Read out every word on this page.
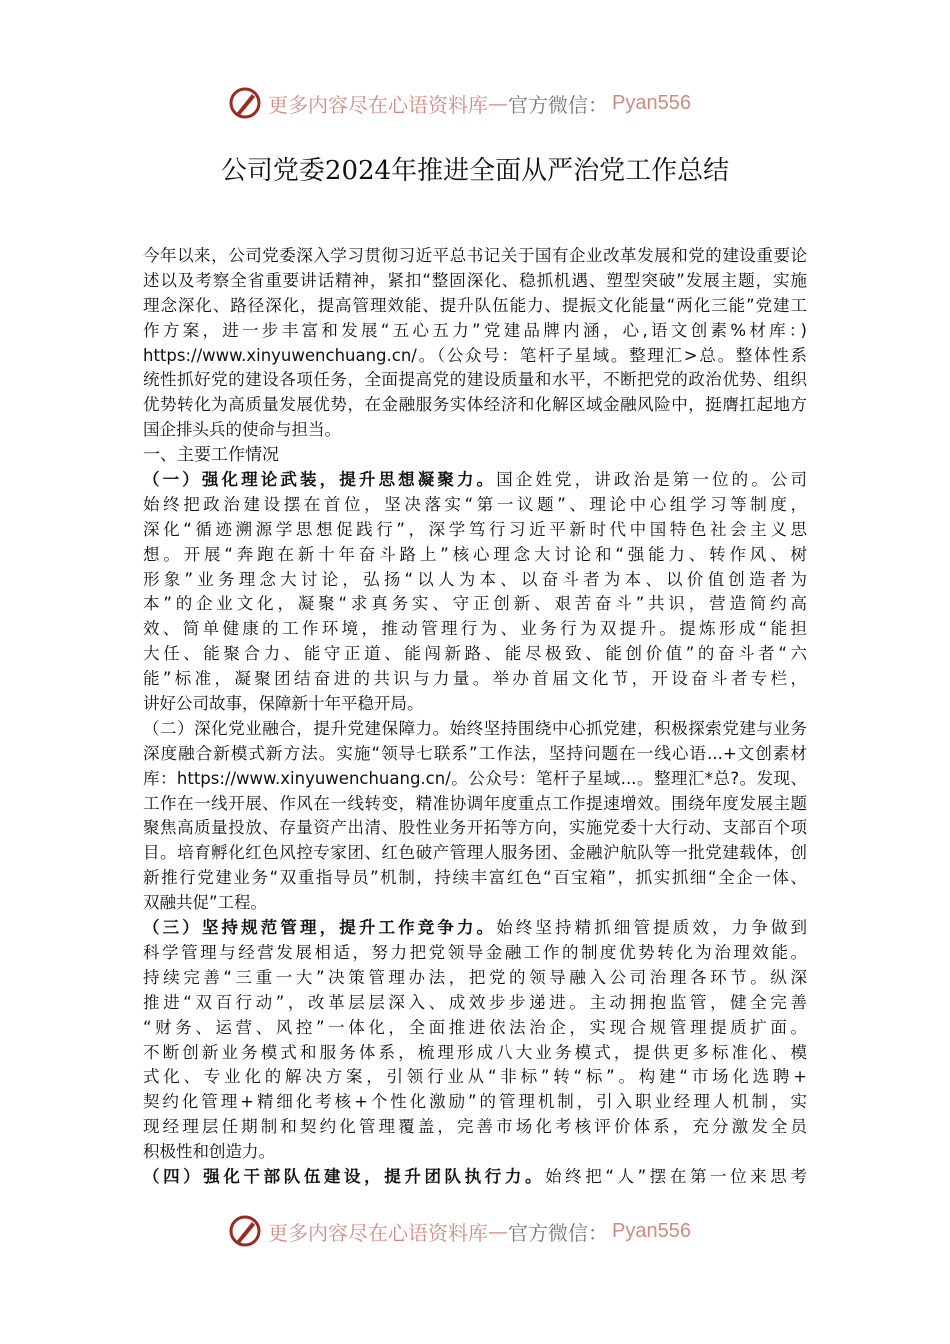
更多内容尽在心语资料库 — 官方微信： Pyan556
公司党委2024年推进全面从严治党工作总结
今年以来，公司党委深入学习贯彻习近平总书记关于国有企业改革发展和党的建设重要论
述以及考察全省重要讲话精神，紧扣“整固深化、稳抓机遇、塑型突破”发展主题，实施
理念深化、路径深化，提高管理效能、提升队伍能力、提振文化能量“两化三能”党建工
作方案，进一步丰富和发展“五心五力”党建品牌内涵，心,语文创素%材库：)
https://www.xinyuwenchuang.cn/。（公众号：笔杆子星域。整理汇>总。整体性系
统性抓好党的建设各项任务，全面提高党的建设质量和水平，不断把党的政治优势、组织
优势转化为高质量发展优势，在金融服务实体经济和化解区域金融风险中，挺膺扛起地方
国企排头兵的使命与担当。
一、主要工作情况
（一）强化理论武装，提升思想凝聚力。国企姓党，讲政治是第一位的。公司
始终把政治建设摆在首位，坚决落实“第一议题”、理论中心组学习等制度，
深化“循迹溯源学思想促践行”，深学笃行习近平新时代中国特色社会主义思
想。开展“奔跑在新十年奋斗路上”核心理念大讨论和“强能力、转作风、树
形象”业务理念大讨论，弘扬“以人为本、以奋斗者为本、以价值创造者为
本”的企业文化，凝聚“求真务实、守正创新、艰苦奋斗”共识，营造简约高
效、简单健康的工作环境，推动管理行为、业务行为双提升。提炼形成“能担
大任、能聚合力、能守正道、能闯新路、能尽极致、能创价值”的奋斗者“六
能”标准，凝聚团结奋进的共识与力量。举办首届文化节，开设奋斗者专栏，
讲好公司故事，保障新十年平稳开局。
（二）深化党业融合，提升党建保障力。始终坚持围绕中心抓党建，积极探索党建与业务
深度融合新模式新方法。实施“领导七联系”工作法，坚持问题在一线心语...+文创素材
库：https://www.xinyuwenchuang.cn/。公众号：笔杆子星域...。整理汇*总?。发现、
工作在一线开展、作风在一线转变，精准协调年度重点工作提速增效。围绕年度发展主题
聚焦高质量投放、存量资产出清、股性业务开拓等方向，实施党委十大行动、支部百个项
目。培育孵化红色风控专家团、红色破产管理人服务团、金融沪航队等一批党建载体，创
新推行党建业务“双重指导员”机制，持续丰富红色“百宝箱”，抓实抓细“全企一体、
双融共促”工程。
（三）坚持规范管理，提升工作竞争力。始终坚持精抓细管提质效，力争做到
科学管理与经营发展相适，努力把党领导金融工作的制度优势转化为治理效能。
持续完善“三重一大”决策管理办法，把党的领导融入公司治理各环节。纵深
推进“双百行动”，改革层层深入、成效步步递进。主动拥抱监管，健全完善
“财务、运营、风控”一体化，全面推进依法治企，实现合规管理提质扩面。
不断创新业务模式和服务体系，梳理形成八大业务模式，提供更多标准化、模
式化、专业化的解决方案，引领行业从“非标”转“标”。构建“市场化选聘+
契约化管理+精细化考核+个性化激励”的管理机制，引入职业经理人机制，实
现经理层任期制和契约化管理覆盖，完善市场化考核评价体系，充分激发全员
积极性和创造力。
（四）强化干部队伍建设，提升团队执行力。始终把“人”摆在第一位来思考
更多内容尽在心语资料库 — 官方微信： Pyan556
